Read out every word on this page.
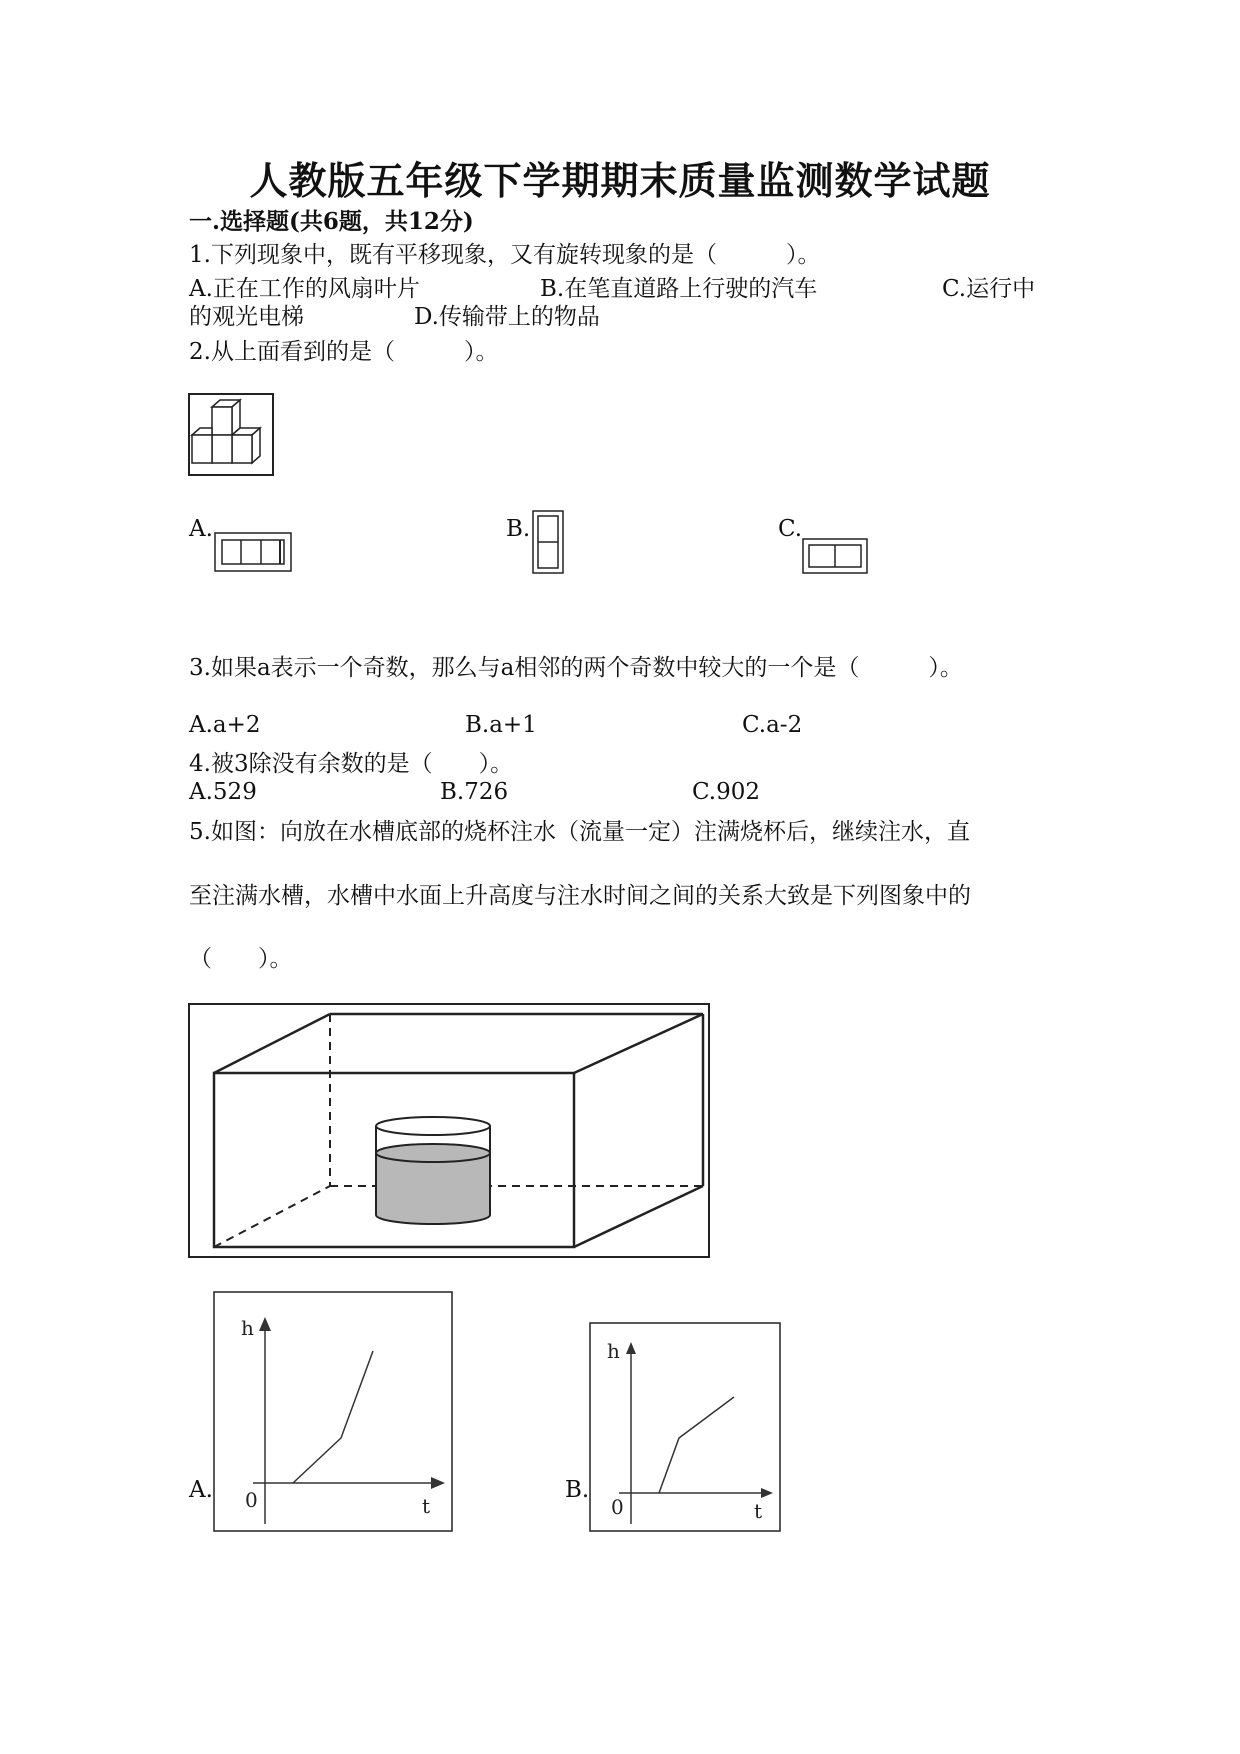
人教版五年级下学期期末质量监测数学试题
一.选择题(共6题，共12分)
1.下列现象中，既有平移现象，又有旋转现象的是（　　　）。
A.正在工作的风扇叶片	B.在笔直道路上行驶的汽车	C.运行中
的观光电梯	D.传输带上的物品
2.从上面看到的是（　　　）。
A.	B.	C.
3.如果a表示一个奇数，那么与a相邻的两个奇数中较大的一个是（　　　）。
A.a+2	B.a+1	C.a-2
4.被3除没有余数的是（　　）。
A.529	B.726	C.902
5.如图：向放在水槽底部的烧杯注水（流量一定）注满烧杯后，继续注水，直
至注满水槽，水槽中水面上升高度与注水时间之间的关系大致是下列图象中的
（　　）。
A.
h
t
0	B.
h
t
0
